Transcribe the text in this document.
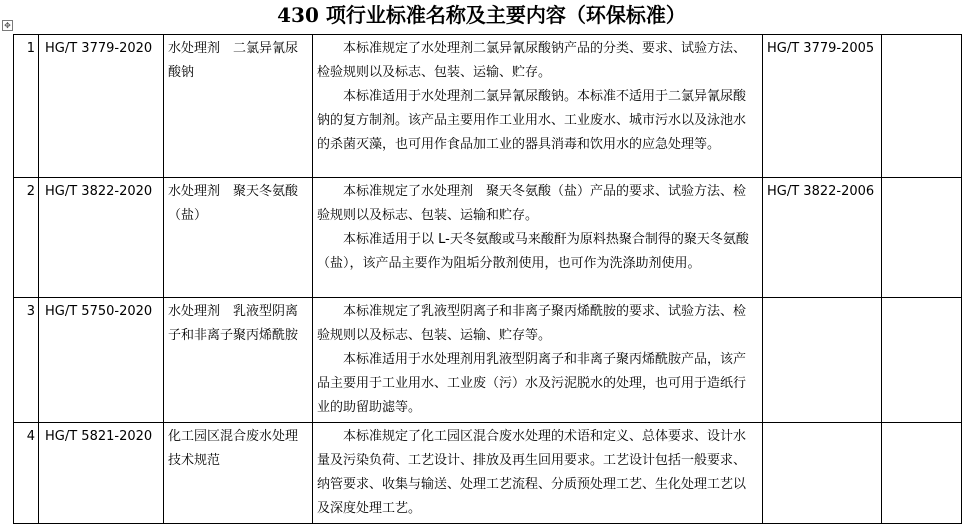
430 项行业标准名称及主要内容（环保标准）
✥
1	HG/T 3779-2020	水处理剂　二氯异氰尿酸钠	本标准规定了水处理剂二氯异氰尿酸钠产品的分类、要求、试验方法、检验规则以及标志、包装、运输、贮存。
本标准适用于水处理剂二氯异氰尿酸钠。本标准不适用于二氯异氰尿酸钠的复方制剂。该产品主要用作工业用水、工业废水、城市污水以及泳池水的杀菌灭藻，也可用作食品加工业的器具消毒和饮用水的应急处理等。	HG/T 3779-2005	
2	HG/T 3822-2020	水处理剂　聚天冬氨酸（盐）	本标准规定了水处理剂　聚天冬氨酸（盐）产品的要求、试验方法、检验规则以及标志、包装、运输和贮存。
本标准适用于以 L-天冬氨酸或马来酸酐为原料热聚合制得的聚天冬氨酸（盐），该产品主要作为阻垢分散剂使用，也可作为洗涤助剂使用。	HG/T 3822-2006	
3	HG/T 5750-2020	水处理剂　乳液型阴离子和非离子聚丙烯酰胺	本标准规定了乳液型阴离子和非离子聚丙烯酰胺的要求、试验方法、检验规则以及标志、包装、运输、贮存等。
本标准适用于水处理剂用乳液型阴离子和非离子聚丙烯酰胺产品，该产品主要用于工业用水、工业废（污）水及污泥脱水的处理，也可用于造纸行业的助留助滤等。		

4	HG/T 5821-2020	化工园区混合废水处理技术规范	本标准规定了化工园区混合废水处理的术语和定义、总体要求、设计水量及污染负荷、工艺设计、排放及再生回用要求。工艺设计包括一般要求、纳管要求、收集与输送、处理工艺流程、分质预处理工艺、生化处理工艺以及深度处理工艺。		
